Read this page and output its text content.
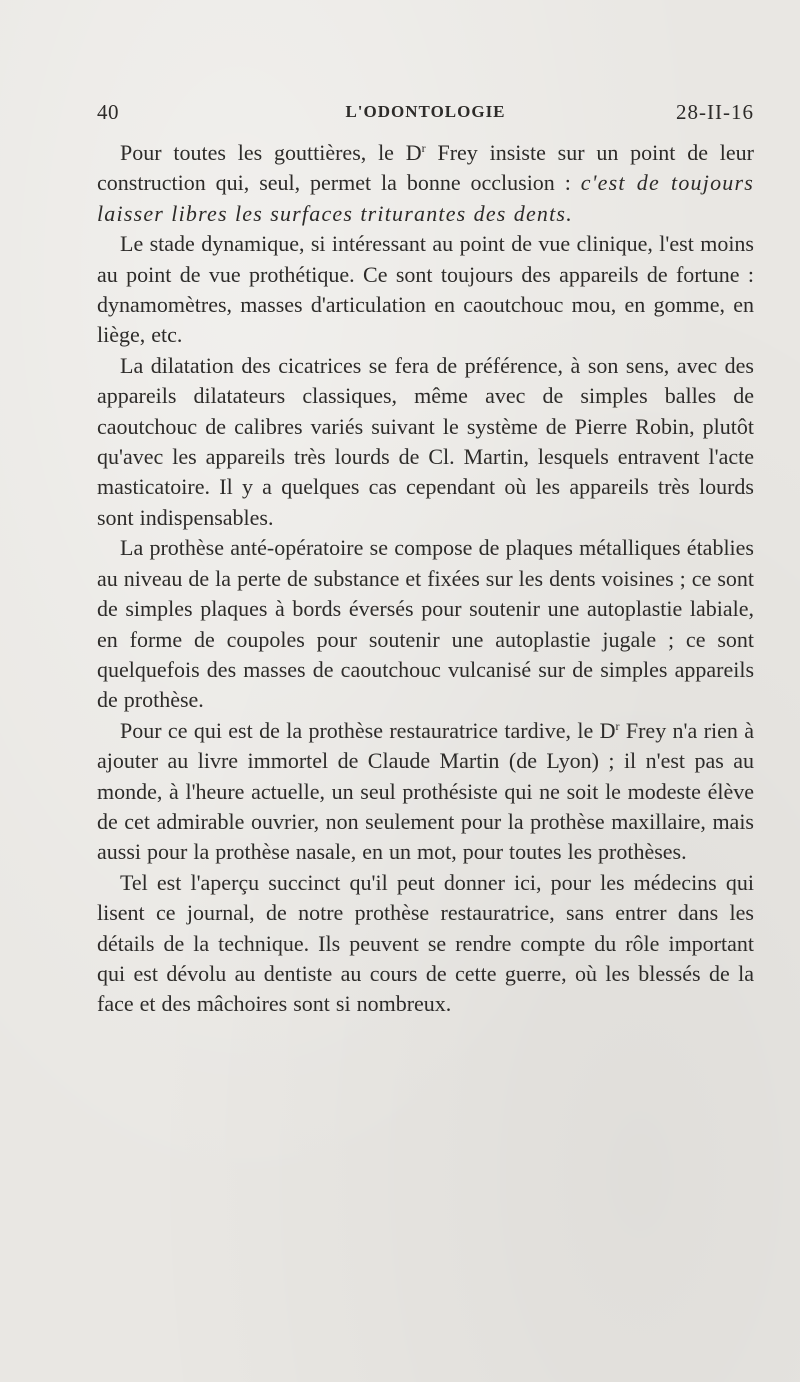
40	L'ODONTOLOGIE	28-II-16

Pour toutes les gouttières, le $D^r$ Frey insiste sur un point de leur construction qui, seul, permet la bonne occlusion : c'est de toujours laisser libres les surfaces triturantes des dents.

Le stade dynamique, si intéressant au point de vue clinique, l'est moins au point de vue prothétique. Ce sont toujours des appareils de fortune : dynamomètres, masses d'articulation en caoutchouc mou, en gomme, en liège, etc.

La dilatation des cicatrices se fera de préférence, à son sens, avec des appareils dilatateurs classiques, même avec de simples balles de caoutchouc de calibres variés suivant le système de Pierre Robin, plutôt qu'avec les appareils très lourds de Cl. Martin, lesquels entravent l'acte masticatoire. Il y a quelques cas cependant où les appareils très lourds sont indispensables.

La prothèse anté-opératoire se compose de plaques métalliques établies au niveau de la perte de substance et fixées sur les dents voisines ; ce sont de simples plaques à bords éversés pour soutenir une autoplastie labiale, en forme de coupoles pour soutenir une autoplastie jugale ; ce sont quelquefois des masses de caoutchouc vulcanisé sur de simples appareils de prothèse.

Pour ce qui est de la prothèse restauratrice tardive, le $D^r$ Frey n'a rien à ajouter au livre immortel de Claude Martin (de Lyon) ; il n'est pas au monde, à l'heure actuelle, un seul prothésiste qui ne soit le modeste élève de cet admirable ouvrier, non seulement pour la prothèse maxillaire, mais aussi pour la prothèse nasale, en un mot, pour toutes les prothèses.

Tel est l'aperçu succinct qu'il peut donner ici, pour les médecins qui lisent ce journal, de notre prothèse restauratrice, sans entrer dans les détails de la technique. Ils peuvent se rendre compte du rôle important qui est dévolu au dentiste au cours de cette guerre, où les blessés de la face et des mâchoires sont si nombreux.
